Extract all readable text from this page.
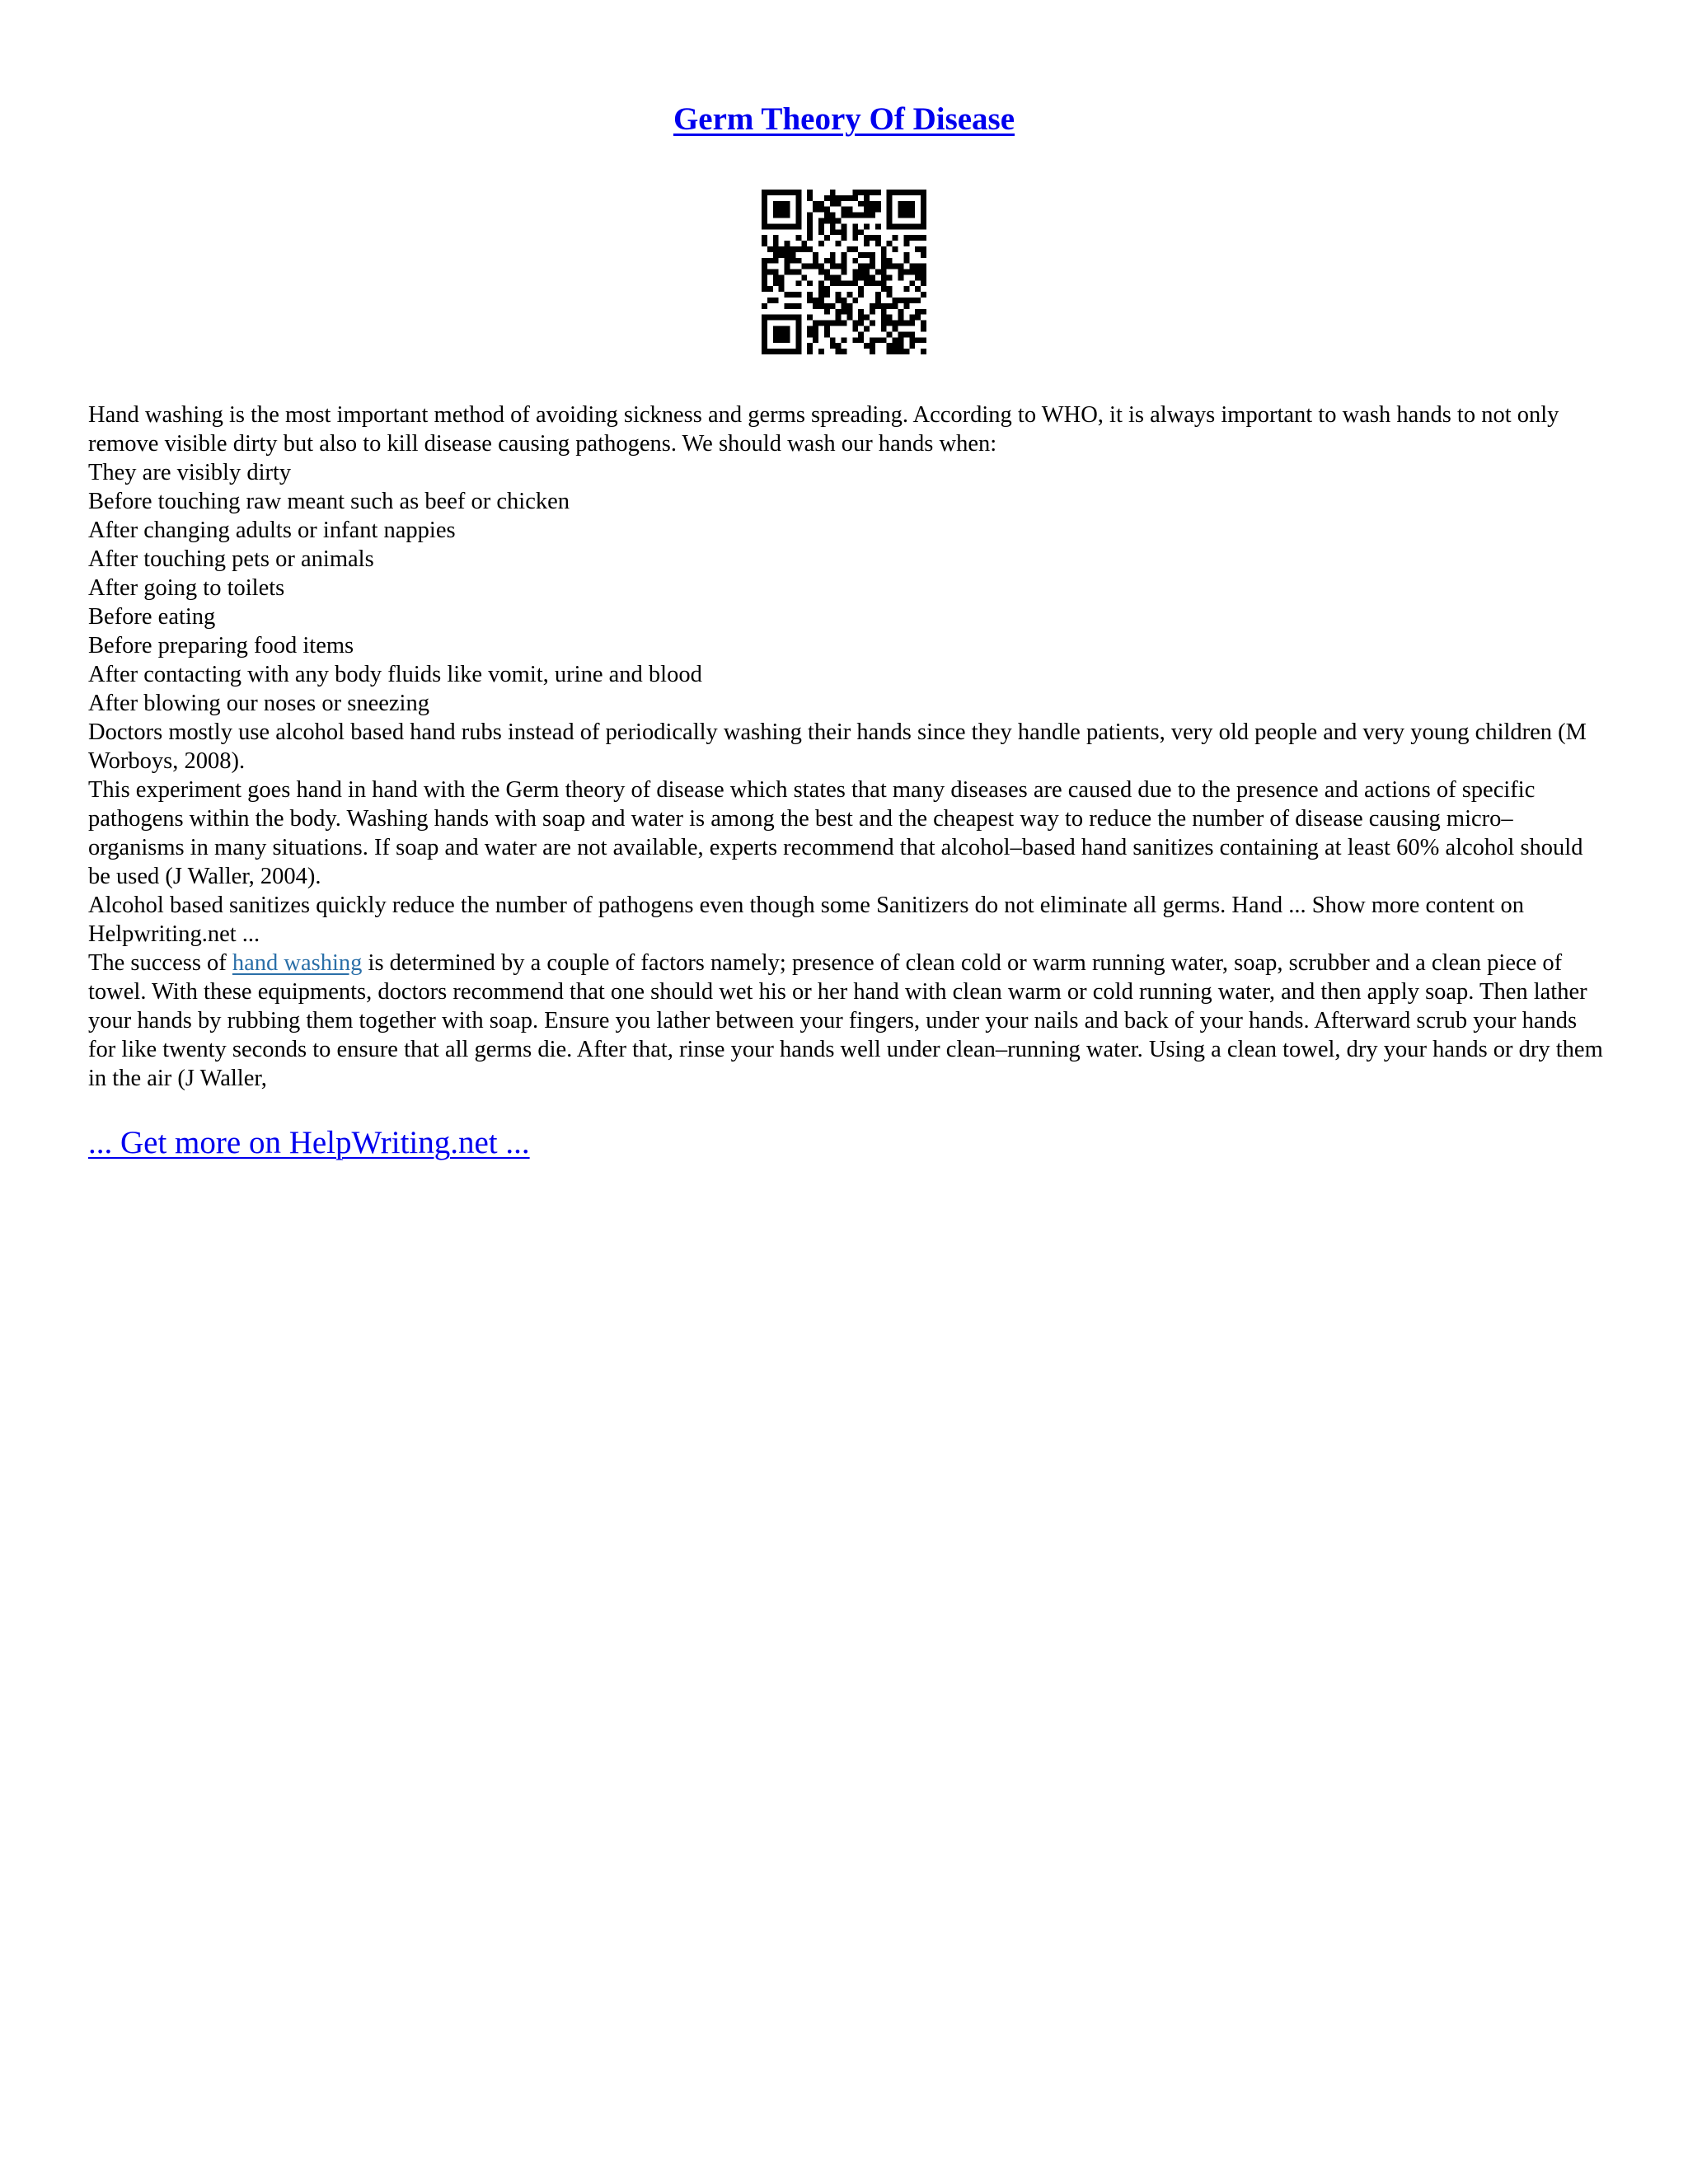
Germ Theory Of Disease

Hand washing is the most important method of avoiding sickness and germs spreading. According to WHO, it is always important to wash hands to not only remove visible dirty but also to kill disease causing pathogens. We should wash our hands when:

They are visibly dirty

Before touching raw meant such as beef or chicken

After changing adults or infant nappies

After touching pets or animals

After going to toilets

Before eating

Before preparing food items

After contacting with any body fluids like vomit, urine and blood

After blowing our noses or sneezing

Doctors mostly use alcohol based hand rubs instead of periodically washing their hands since they handle patients, very old people and very young children (M Worboys, 2008).

This experiment goes hand in hand with the Germ theory of disease which states that many diseases are caused due to the presence and actions of specific pathogens within the body. Washing hands with soap and water is among the best and the cheapest way to reduce the number of disease causing micro–organisms in many situations. If soap and water are not available, experts recommend that alcohol–based hand sanitizes containing at least 60% alcohol should be used (J Waller, 2004).

Alcohol based sanitizes quickly reduce the number of pathogens even though some Sanitizers do not eliminate all germs. Hand ... Show more content on Helpwriting.net ...

The success of hand washing is determined by a couple of factors namely; presence of clean cold or warm running water, soap, scrubber and a clean piece of towel. With these equipments, doctors recommend that one should wet his or her hand with clean warm or cold running water, and then apply soap. Then lather your hands by rubbing them together with soap. Ensure you lather between your fingers, under your nails and back of your hands. Afterward scrub your hands for like twenty seconds to ensure that all germs die. After that, rinse your hands well under clean–running water. Using a clean towel, dry your hands or dry them in the air (J Waller,

... Get more on HelpWriting.net ...
